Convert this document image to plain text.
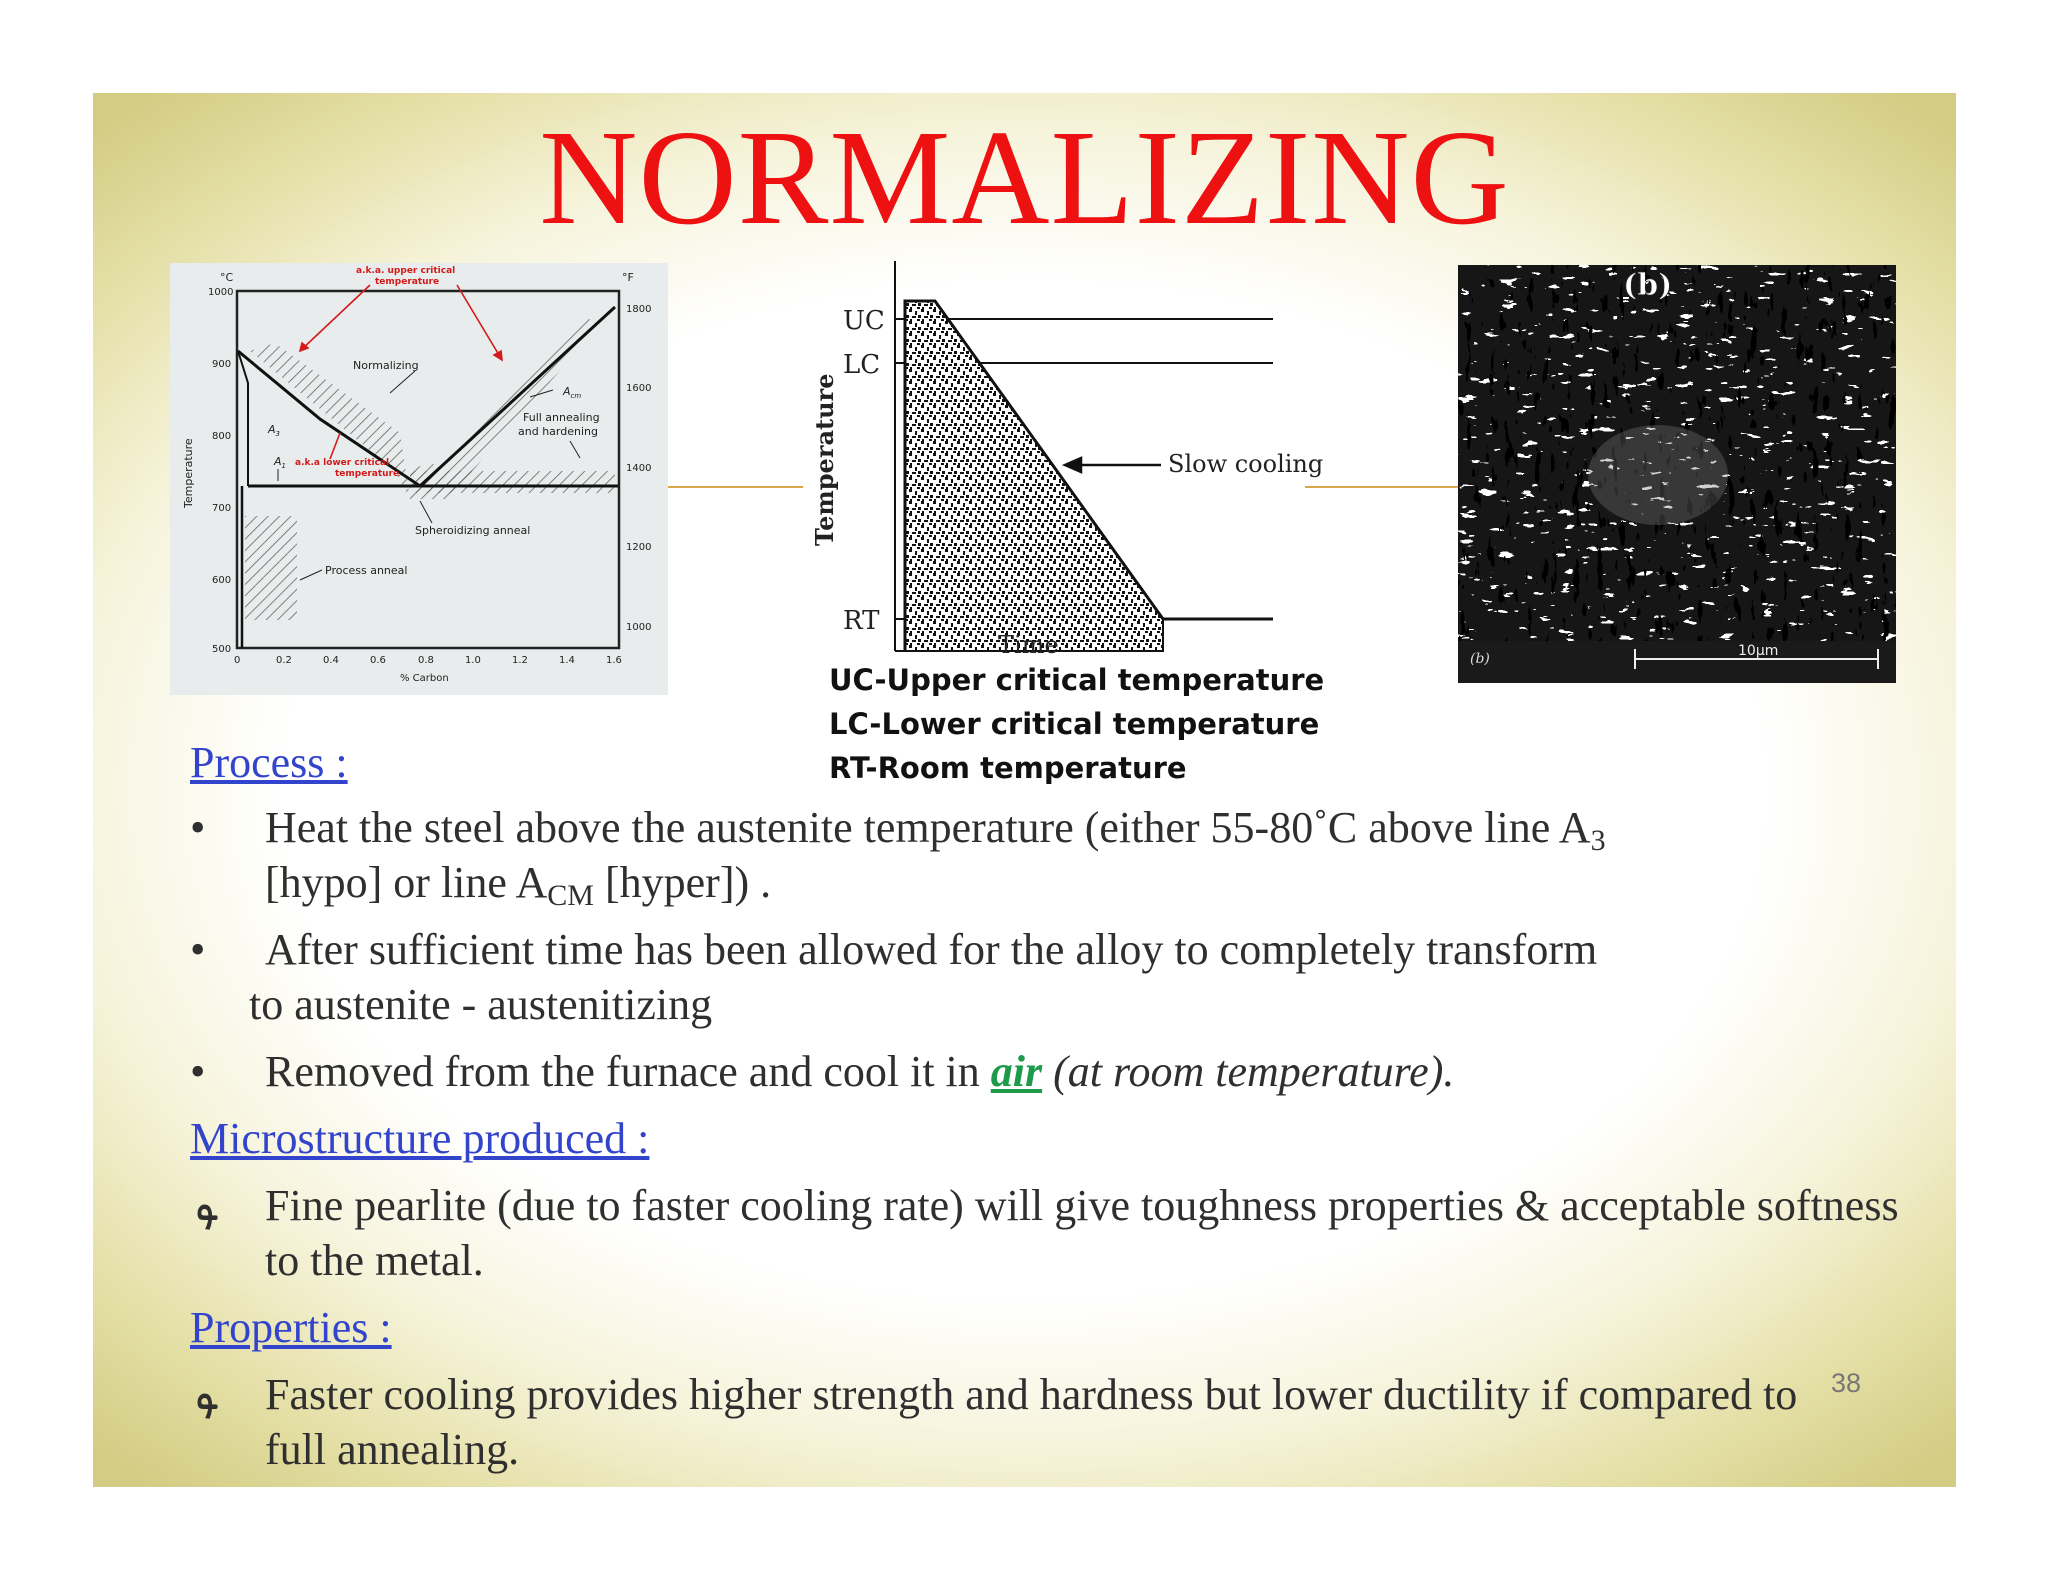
NORMALIZING
°C	°F
1000
900
800
700
600
500
1800
1600
1400
1200
1000
0	0.2	0.4	0.6	0.8	1.0	1.2	1.4	1.6
% Carbon
Temperature
a.k.a. upper critical
temperature
a.k.a lower critical
temperature
Normalizing
Full annealing
and hardening
Spheroidizing anneal
Process anneal
$A_{cm}$
$A_3$
$A_1$
UC
LC
RT
Time
Slow cooling
Temperature
(b)
(b)	10μm
UC-Upper critical temperature
LC-Lower critical temperature
RT-Room temperature
Process :
• Heat the steel above the austenite temperature (either 55-80˚C above line $A_3$
[hypo] or line $A_{CM}$ [hyper]) .
• After sufficient time has been allowed for the alloy to completely transform
to austenite - austenitizing
• Removed from the furnace and cool it in air (at room temperature).
Microstructure produced :
ࢱ Fine pearlite (due to faster cooling rate) will give toughness properties & acceptable softness to the metal.
Properties :
ࢱ Faster cooling provides higher strength and hardness but lower ductility if compared to full annealing.
38
